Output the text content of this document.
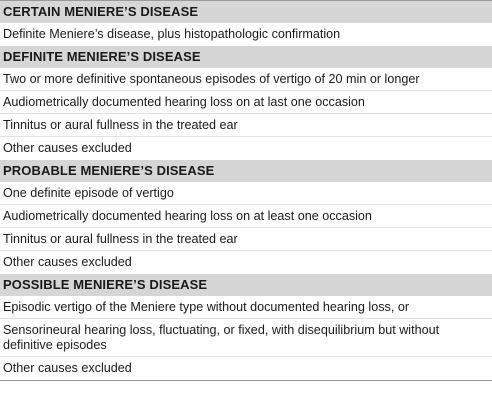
CERTAIN MENIERE’S DISEASE
Definite Meniere’s disease, plus histopathologic confirmation
DEFINITE MENIERE’S DISEASE
Two or more definitive spontaneous episodes of vertigo of 20 min or longer
Audiometrically documented hearing loss on at last one occasion
Tinnitus or aural fullness in the treated ear
Other causes excluded
PROBABLE MENIERE’S DISEASE
One definite episode of vertigo
Audiometrically documented hearing loss on at least one occasion
Tinnitus or aural fullness in the treated ear
Other causes excluded
POSSIBLE MENIERE’S DISEASE
Episodic vertigo of the Meniere type without documented hearing loss, or
Sensorineural hearing loss, fluctuating, or fixed, with disequilibrium but without definitive episodes
Other causes excluded
